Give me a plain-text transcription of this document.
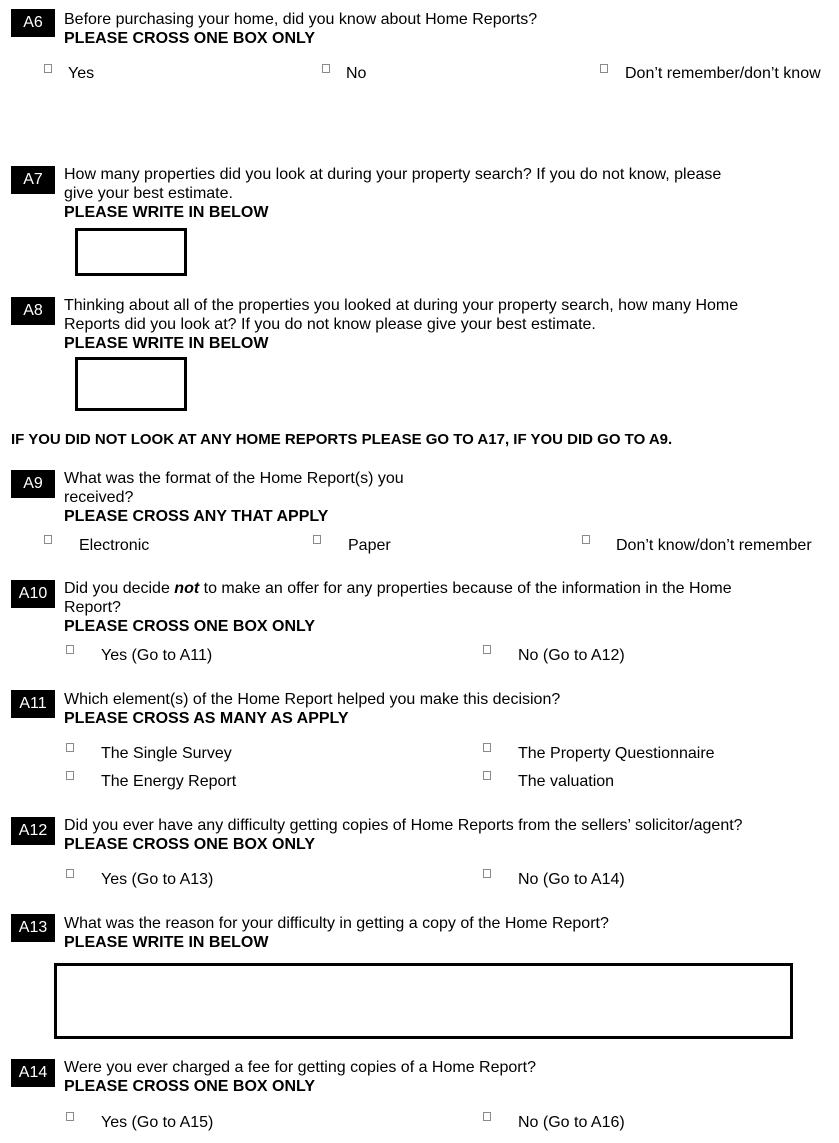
A6	Before purchasing your home, did you know about Home Reports?
PLEASE CROSS ONE BOX ONLY
Yes	No	Don’t remember/don’t know
A7	How many properties did you look at during your property search? If you do not know, please
give your best estimate.
PLEASE WRITE IN BELOW
A8	Thinking about all of the properties you looked at during your property search, how many Home
Reports did you look at? If you do not know please give your best estimate.
PLEASE WRITE IN BELOW
IF YOU DID NOT LOOK AT ANY HOME REPORTS PLEASE GO TO A17, IF YOU DID GO TO A9.
A9	What was the format of the Home Report(s) you
received?
PLEASE CROSS ANY THAT APPLY
Electronic	Paper	Don’t know/don’t remember
A10	Did you decide not to make an offer for any properties because of the information in the Home
Report?
PLEASE CROSS ONE BOX ONLY
Yes (Go to A11)	No (Go to A12)
A11	Which element(s) of the Home Report helped you make this decision?
PLEASE CROSS AS MANY AS APPLY
The Single Survey	The Property Questionnaire
The Energy Report	The valuation
A12	Did you ever have any difficulty getting copies of Home Reports from the sellers’ solicitor/agent?
PLEASE CROSS ONE BOX ONLY
Yes (Go to A13)	No (Go to A14)
A13	What was the reason for your difficulty in getting a copy of the Home Report?
PLEASE WRITE IN BELOW
A14	Were you ever charged a fee for getting copies of a Home Report?
PLEASE CROSS ONE BOX ONLY
Yes (Go to A15)	No (Go to A16)
